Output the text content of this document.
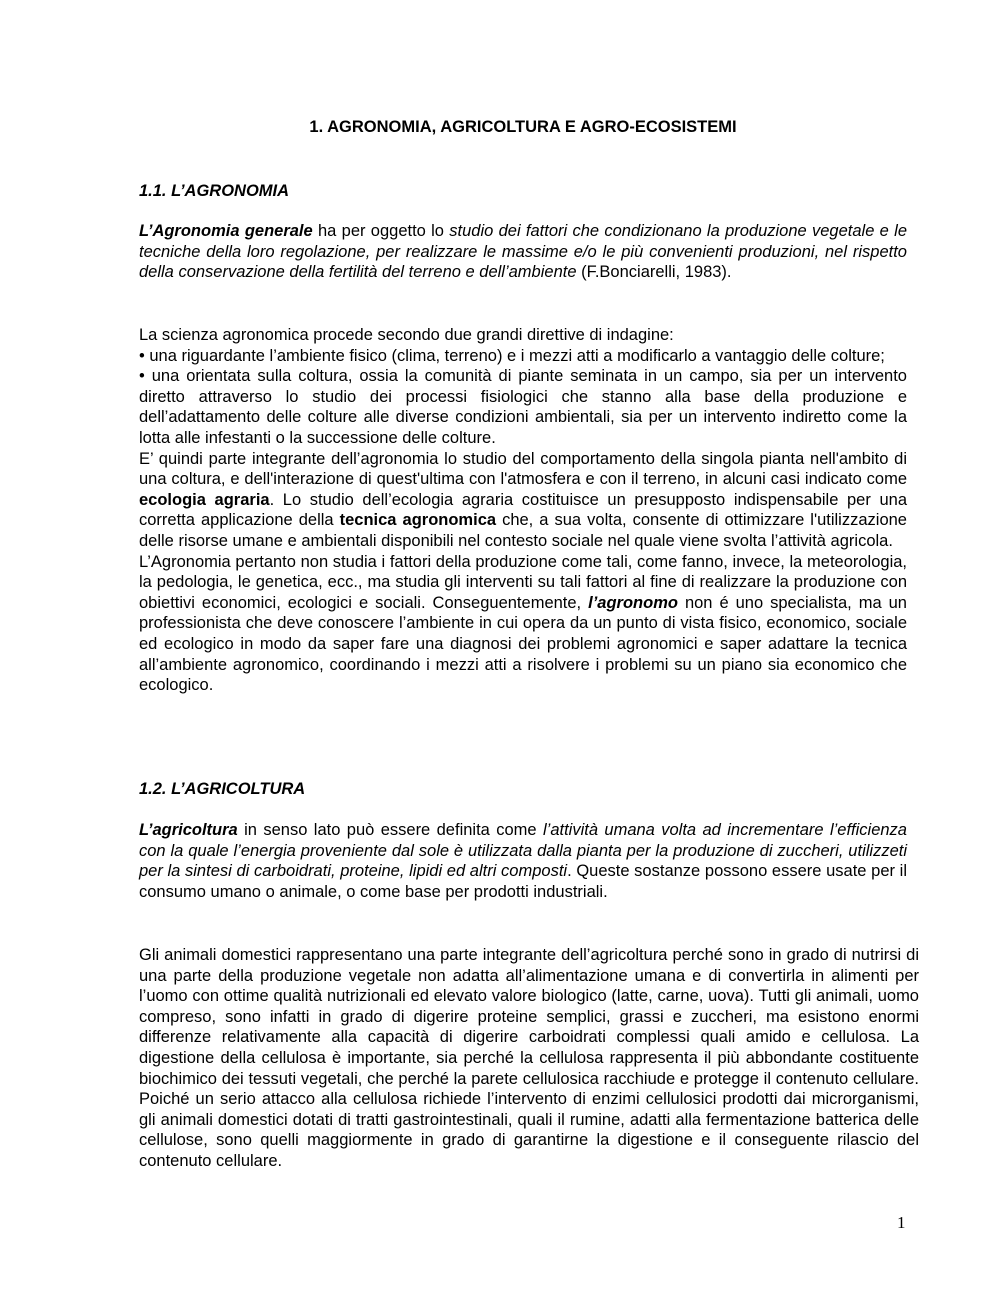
1. AGRONOMIA, AGRICOLTURA E AGRO-ECOSISTEMI
1.1. L’AGRONOMIA

L’Agronomia generale ha per oggetto lo studio dei fattori che condizionano la produzione vegetale e le tecniche della loro regolazione, per realizzare le massime e/o le più convenienti produzioni, nel rispetto della conservazione della fertilità del terreno e dell’ambiente (F.Bonciarelli, 1983).

La scienza agronomica procede secondo due grandi direttive di indagine:
• una riguardante l’ambiente fisico (clima, terreno) e i mezzi atti a modificarlo a vantaggio delle colture;
• una orientata sulla coltura, ossia la comunità di piante seminata in un campo, sia per un intervento diretto attraverso lo studio dei processi fisiologici che stanno alla base della produzione e dell’adattamento delle colture alle diverse condizioni ambientali, sia per un intervento indiretto come la lotta alle infestanti o la successione delle colture.

E’ quindi parte integrante dell’agronomia lo studio del comportamento della singola pianta nell'ambito di una coltura, e dell'interazione di quest'ultima con l'atmosfera e con il terreno, in alcuni casi indicato come ecologia agraria. Lo studio dell’ecologia agraria costituisce un presupposto indispensabile per una corretta applicazione della tecnica agronomica che, a sua volta, consente di ottimizzare l'utilizzazione delle risorse umane e ambientali disponibili nel contesto sociale nel quale viene svolta l’attività agricola.

L’Agronomia pertanto non studia i fattori della produzione come tali, come fanno, invece, la meteorologia, la pedologia, le genetica, ecc., ma studia gli interventi su tali fattori al fine di realizzare la produzione con obiettivi economici, ecologici e sociali. Conseguentemente, l’agronomo non é uno specialista, ma un professionista che deve conoscere l’ambiente in cui opera da un punto di vista fisico, economico, sociale ed ecologico in modo da saper fare una diagnosi dei problemi agronomici e saper adattare la tecnica all’ambiente agronomico, coordinando i mezzi atti a risolvere i problemi su un piano sia economico che ecologico.

1.2. L’AGRICOLTURA

L’agricoltura in senso lato può essere definita come l’attività umana volta ad incrementare l’efficienza con la quale l’energia proveniente dal sole è utilizzata dalla pianta per la produzione di zuccheri, utilizzeti per la sintesi di carboidrati, proteine, lipidi ed altri composti. Queste sostanze possono essere usate per il consumo umano o animale, o come base per prodotti industriali.

Gli animali domestici rappresentano una parte integrante dell’agricoltura perché sono in grado di nutrirsi di una parte della produzione vegetale non adatta all’alimentazione umana e di convertirla in alimenti per l’uomo con ottime qualità nutrizionali ed elevato valore biologico (latte, carne, uova). Tutti gli animali, uomo compreso, sono infatti in grado di digerire proteine semplici, grassi e zuccheri, ma esistono enormi differenze relativamente alla capacità di digerire carboidrati complessi quali amido e cellulosa. La digestione della cellulosa è importante, sia perché la cellulosa rappresenta il più abbondante costituente biochimico dei tessuti vegetali, che perché la parete cellulosica racchiude e protegge il contenuto cellulare. Poiché un serio attacco alla cellulosa richiede l’intervento di enzimi cellulosici prodotti dai microrganismi, gli animali domestici dotati di tratti gastrointestinali, quali il rumine, adatti alla fermentazione batterica delle cellulose, sono quelli maggiormente in grado di garantirne la digestione e il conseguente rilascio del contenuto cellulare.

1
